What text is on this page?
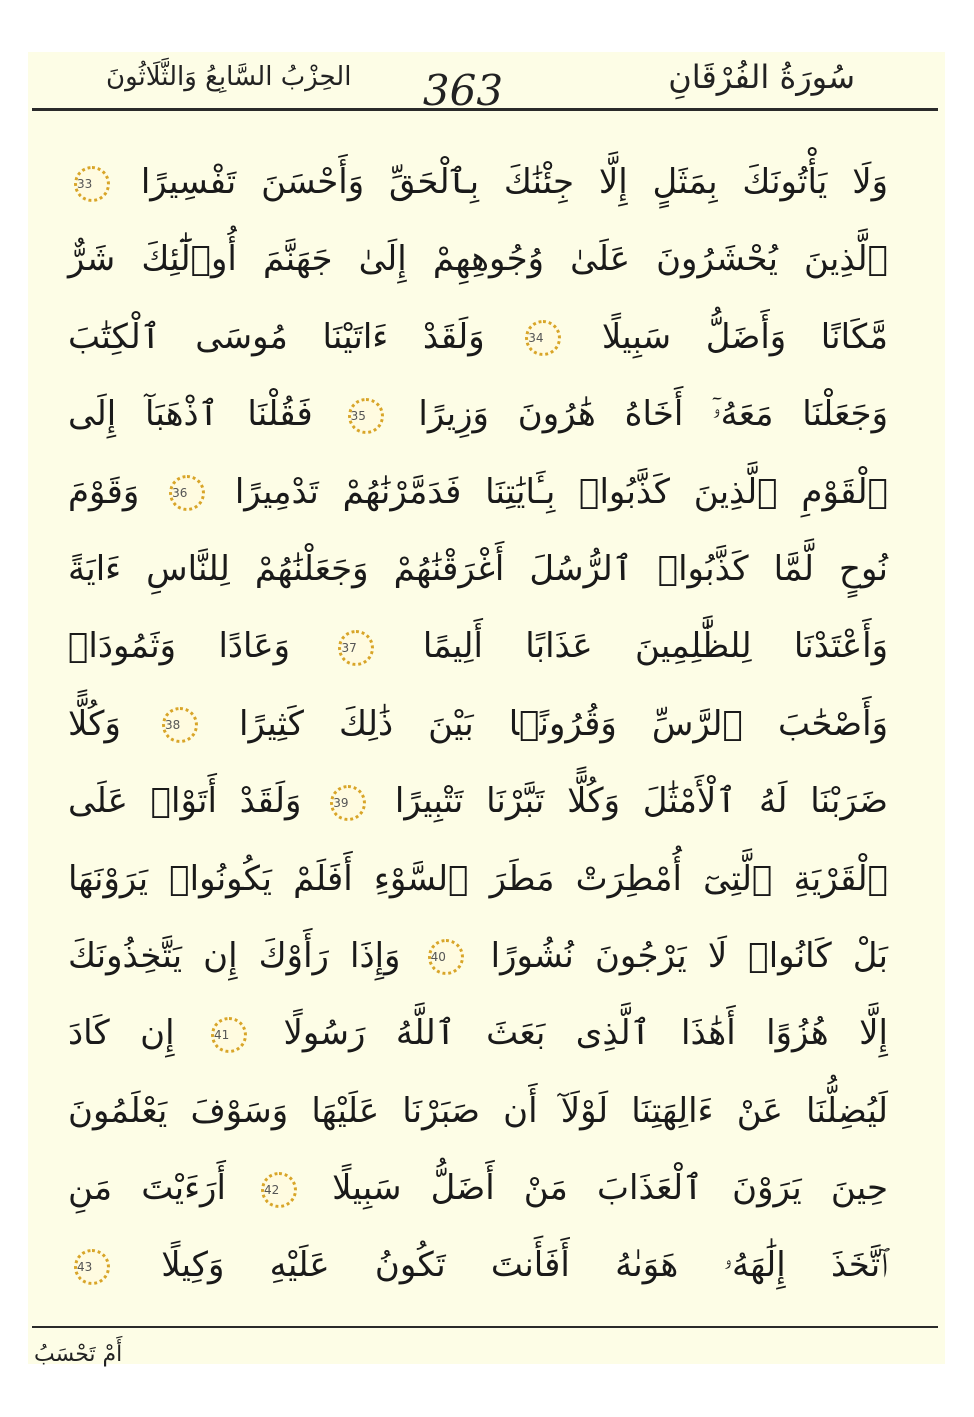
سُورَةُ الفُرْقَانِ
363
الحِزْبُ السَّابِعُ وَالثَّلَاثُونَ
وَلَا يَأْتُونَكَ بِمَثَلٍ إِلَّا جِئْنَٰكَ بِٱلْحَقِّ وَأَحْسَنَ تَفْسِيرًا 33
ٱلَّذِينَ يُحْشَرُونَ عَلَىٰ وُجُوهِهِمْ إِلَىٰ جَهَنَّمَ أُو۟لَٰٓئِكَ شَرٌّ
مَّكَانًا وَأَضَلُّ سَبِيلًا 34 وَلَقَدْ ءَاتَيْنَا مُوسَى ٱلْكِتَٰبَ
وَجَعَلْنَا مَعَهُۥٓ أَخَاهُ هَٰرُونَ وَزِيرًا 35 فَقُلْنَا ٱذْهَبَآ إِلَى
ٱلْقَوْمِ ٱلَّذِينَ كَذَّبُوا۟ بِـَٔايَٰتِنَا فَدَمَّرْنَٰهُمْ تَدْمِيرًا 36 وَقَوْمَ
نُوحٍ لَّمَّا كَذَّبُوا۟ ٱلرُّسُلَ أَغْرَقْنَٰهُمْ وَجَعَلْنَٰهُمْ لِلنَّاسِ ءَايَةً
وَأَعْتَدْنَا لِلظَّٰلِمِينَ عَذَابًا أَلِيمًا 37 وَعَادًا وَثَمُودَا۟
وَأَصْحَٰبَ ٱلرَّسِّ وَقُرُونًۢا بَيْنَ ذَٰلِكَ كَثِيرًا 38 وَكُلًّا
ضَرَبْنَا لَهُ ٱلْأَمْثَٰلَ وَكُلًّا تَبَّرْنَا تَتْبِيرًا 39 وَلَقَدْ أَتَوْا۟ عَلَى
ٱلْقَرْيَةِ ٱلَّتِىٓ أُمْطِرَتْ مَطَرَ ٱلسَّوْءِ أَفَلَمْ يَكُونُوا۟ يَرَوْنَهَا
بَلْ كَانُوا۟ لَا يَرْجُونَ نُشُورًا 40 وَإِذَا رَأَوْكَ إِن يَتَّخِذُونَكَ
إِلَّا هُزُوًا أَهَٰذَا ٱلَّذِى بَعَثَ ٱللَّهُ رَسُولًا 41 إِن كَادَ
لَيُضِلُّنَا عَنْ ءَالِهَتِنَا لَوْلَآ أَن صَبَرْنَا عَلَيْهَا وَسَوْفَ يَعْلَمُونَ
حِينَ يَرَوْنَ ٱلْعَذَابَ مَنْ أَضَلُّ سَبِيلًا 42 أَرَءَيْتَ مَنِ
ٱتَّخَذَ إِلَٰهَهُۥ هَوَىٰهُ أَفَأَنتَ تَكُونُ عَلَيْهِ وَكِيلًا 43
أَمْ تَحْسَبُ
